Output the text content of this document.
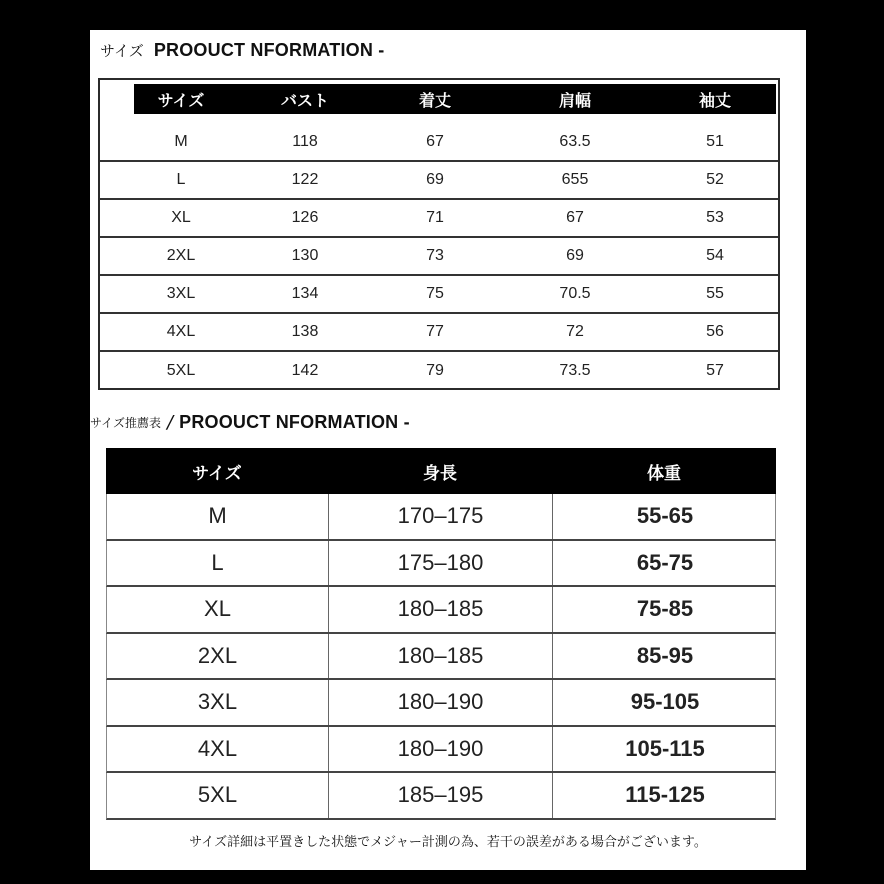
サイズ PROOUCT NFORMATION -
サイズ	バスト	着丈	肩幅	袖丈
M	118	67	63.5	51
L	122	69	655	52
XL	126	71	67	53
2XL	130	73	69	54
3XL	134	75	70.5	55
4XL	138	77	72	56
5XL	142	79	73.5	57
サイズ推薦表 / PROOUCT NFORMATION -
サイズ	身長	体重
M	170–175	55-65
L	175–180	65-75
XL	180–185	75-85
2XL	180–185	85-95
3XL	180–190	95-105
4XL	180–190	105-115
5XL	185–195	115-125
サイズ詳細は平置きした状態でメジャー計測の為、若干の誤差がある場合がございます。
